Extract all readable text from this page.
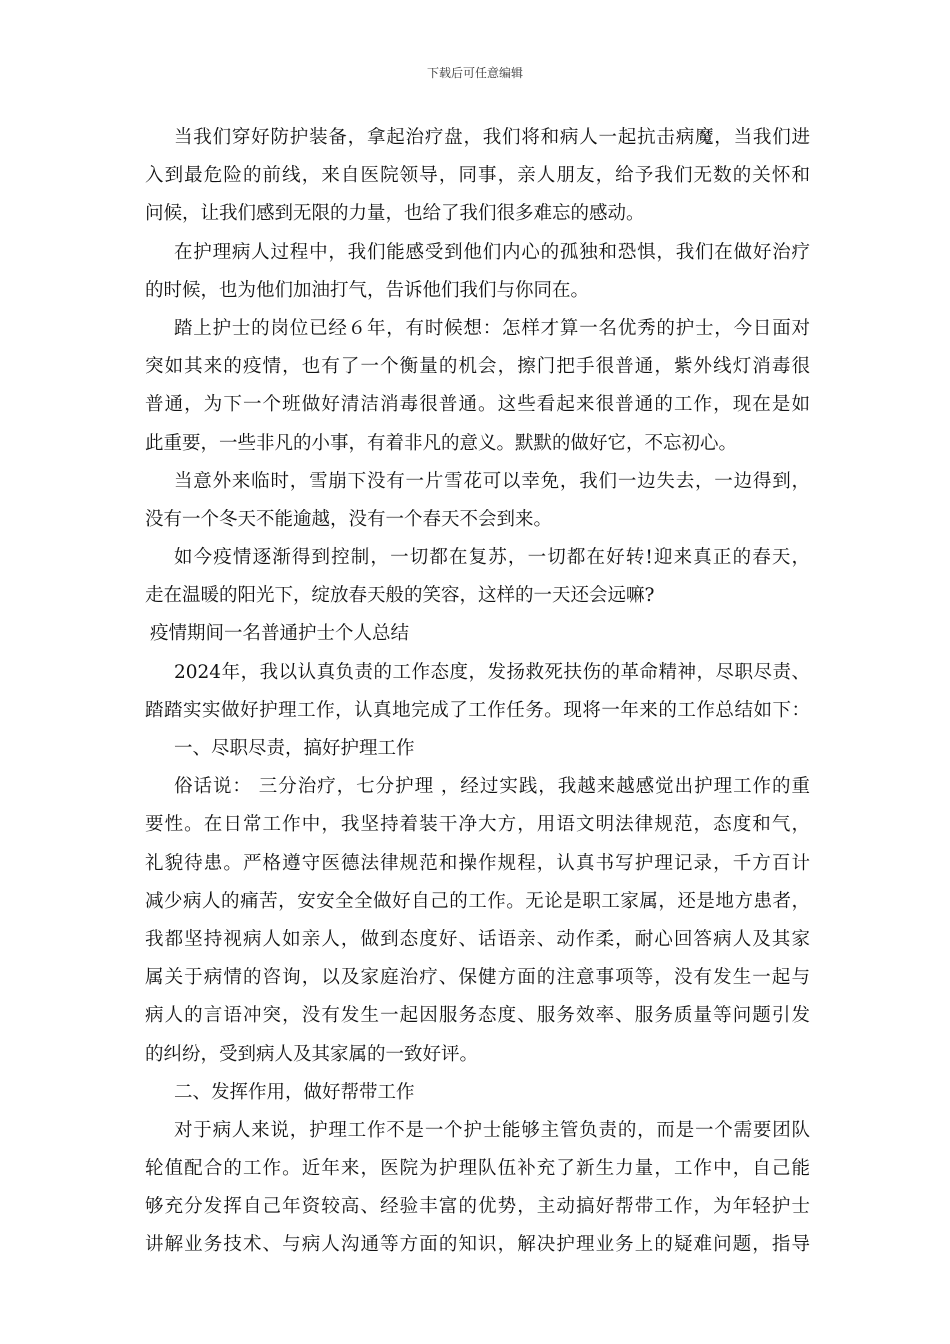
下载后可任意编辑
当我们穿好防护装备，拿起治疗盘，我们将和病人一起抗击病魔，当我们进
入到最危险的前线，来自医院领导，同事，亲人朋友，给予我们无数的关怀和
问候，让我们感到无限的力量，也给了我们很多难忘的感动。
在护理病人过程中，我们能感受到他们内心的孤独和恐惧，我们在做好治疗
的时候，也为他们加油打气，告诉他们我们与你同在。
踏上护士的岗位已经６年，有时候想：怎样才算一名优秀的护士，今日面对
突如其来的疫情，也有了一个衡量的机会，擦门把手很普通，紫外线灯消毒很
普通，为下一个班做好清洁消毒很普通。这些看起来很普通的工作，现在是如
此重要，一些非凡的小事，有着非凡的意义。默默的做好它，不忘初心。
当意外来临时，雪崩下没有一片雪花可以幸免，我们一边失去，一边得到，
没有一个冬天不能逾越，没有一个春天不会到来。
如今疫情逐渐得到控制，一切都在复苏，一切都在好转!迎来真正的春天，
走在温暖的阳光下，绽放春天般的笑容，这样的一天还会远嘛?
疫情期间一名普通护士个人总结
2024年，我以认真负责的工作态度，发扬救死扶伤的革命精神，尽职尽责、
踏踏实实做好护理工作，认真地完成了工作任务。现将一年来的工作总结如下：
一、尽职尽责，搞好护理工作
俗话说： 三分治疗，七分护理 ，经过实践，我越来越感觉出护理工作的重
要性。在日常工作中，我坚持着装干净大方，用语文明法律规范，态度和气，
礼貌待患。严格遵守医德法律规范和操作规程，认真书写护理记录，千方百计
减少病人的痛苦，安安全全做好自己的工作。无论是职工家属，还是地方患者，
我都坚持视病人如亲人，做到态度好、话语亲、动作柔，耐心回答病人及其家
属关于病情的咨询，以及家庭治疗、保健方面的注意事项等，没有发生一起与
病人的言语冲突，没有发生一起因服务态度、服务效率、服务质量等问题引发
的纠纷，受到病人及其家属的一致好评。
二、发挥作用，做好帮带工作
对于病人来说，护理工作不是一个护士能够主管负责的，而是一个需要团队
轮值配合的工作。近年来，医院为护理队伍补充了新生力量，工作中，自己能
够充分发挥自己年资较高、经验丰富的优势，主动搞好帮带工作，为年轻护士
讲解业务技术、与病人沟通等方面的知识，解决护理业务上的疑难问题，指导
